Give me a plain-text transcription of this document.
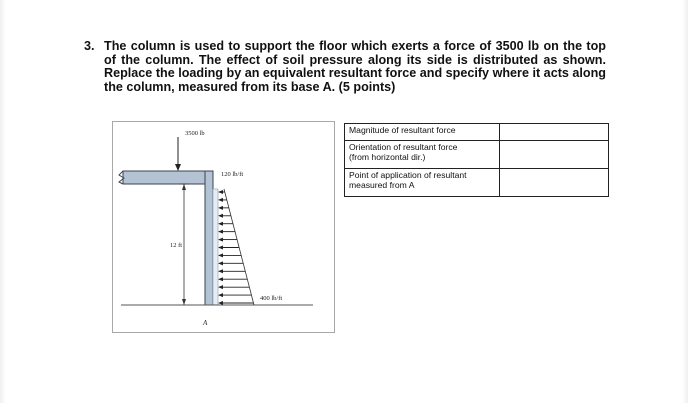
3. The column is used to support the floor which exerts a force of 3500 lb on the top of the column. The effect of soil pressure along its side is distributed as shown. Replace the loading by an equivalent resultant force and specify where it acts along the column, measured from its base A. (5 points)
3500 lb
120 lb/ft
400 lb/ft
12 ft
A
Magnitude of resultant force	

Orientation of resultant force
(from horizontal dir.)	

Point of application of resultant
measured from A	
